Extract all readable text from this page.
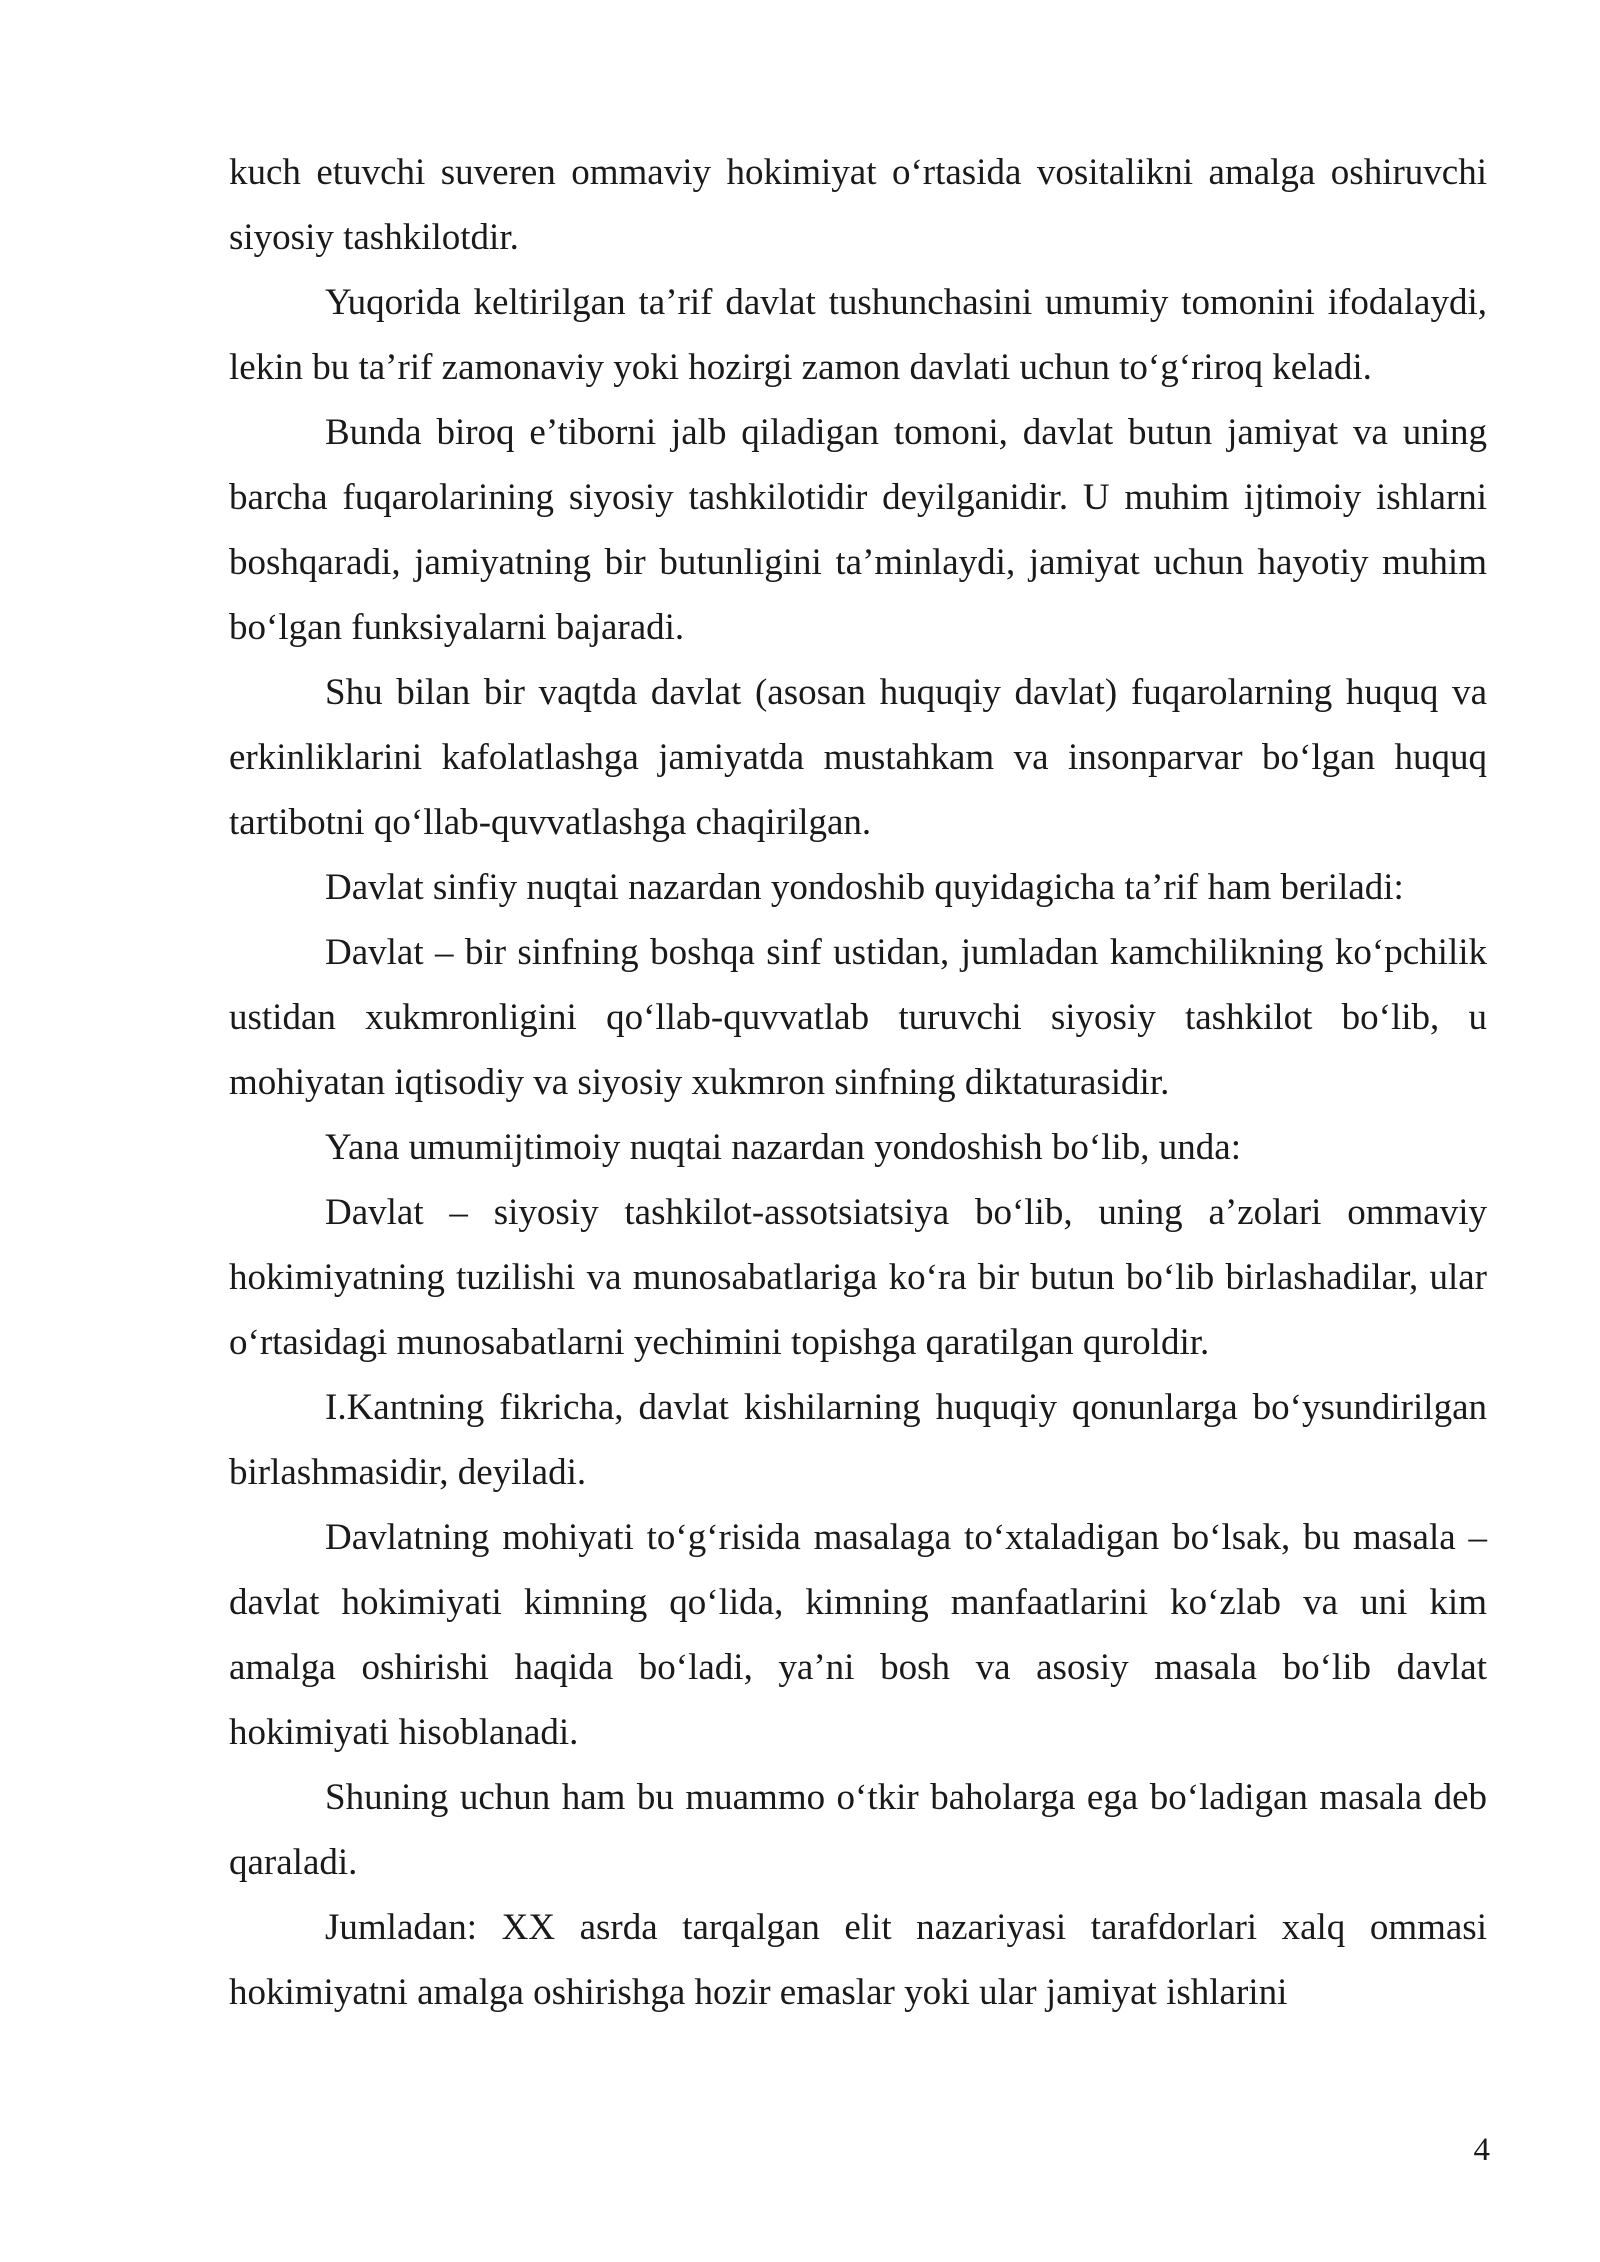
kuch etuvchi suveren ommaviy hokimiyat o‘rtasida vositalikni amalga oshiruvchi siyosiy tashkilotdir.

Yuqorida keltirilgan ta’rif davlat tushunchasini umumiy tomonini ifodalaydi, lekin bu ta’rif zamonaviy yoki hozirgi zamon davlati uchun to‘g‘riroq keladi.

Bunda biroq e’tiborni jalb qiladigan tomoni, davlat butun jamiyat va uning barcha fuqarolarining siyosiy tashkilotidir deyilganidir. U muhim ijtimoiy ishlarni boshqaradi, jamiyatning bir butunligini ta’minlaydi, jamiyat uchun hayotiy muhim bo‘lgan funksiyalarni bajaradi.

Shu bilan bir vaqtda davlat (asosan huquqiy davlat) fuqarolarning huquq va erkinliklarini kafolatlashga jamiyatda mustahkam va insonparvar bo‘lgan huquq tartibotni qo‘llab-quvvatlashga chaqirilgan.

Davlat sinfiy nuqtai nazardan yondoshib quyidagicha ta’rif ham beriladi:

Davlat – bir sinfning boshqa sinf ustidan, jumladan kamchilikning ko‘pchilik ustidan xukmronligini qo‘llab-quvvatlab turuvchi siyosiy tashkilot bo‘lib, u mohiyatan iqtisodiy va siyosiy xukmron sinfning diktaturasidir.

Yana umumijtimoiy nuqtai nazardan yondoshish bo‘lib, unda:

Davlat – siyosiy tashkilot-assotsiatsiya bo‘lib, uning a’zolari ommaviy hokimiyatning tuzilishi va munosabatlariga ko‘ra bir butun bo‘lib birlashadilar, ular o‘rtasidagi munosabatlarni yechimini topishga qaratilgan quroldir.

I.Kantning fikricha, davlat kishilarning huquqiy qonunlarga bo‘ysundirilgan birlashmasidir, deyiladi.

Davlatning mohiyati to‘g‘risida masalaga to‘xtaladigan bo‘lsak, bu masala – davlat hokimiyati kimning qo‘lida, kimning manfaatlarini ko‘zlab va uni kim amalga oshirishi haqida bo‘ladi, ya’ni bosh va asosiy masala bo‘lib davlat hokimiyati hisoblanadi.

Shuning uchun ham bu muammo o‘tkir baholarga ega bo‘ladigan masala deb qaraladi.

Jumladan: XX asrda tarqalgan elit nazariyasi tarafdorlari xalq ommasi hokimiyatni amalga oshirishga hozir emaslar yoki ular jamiyat ishlarini

4
